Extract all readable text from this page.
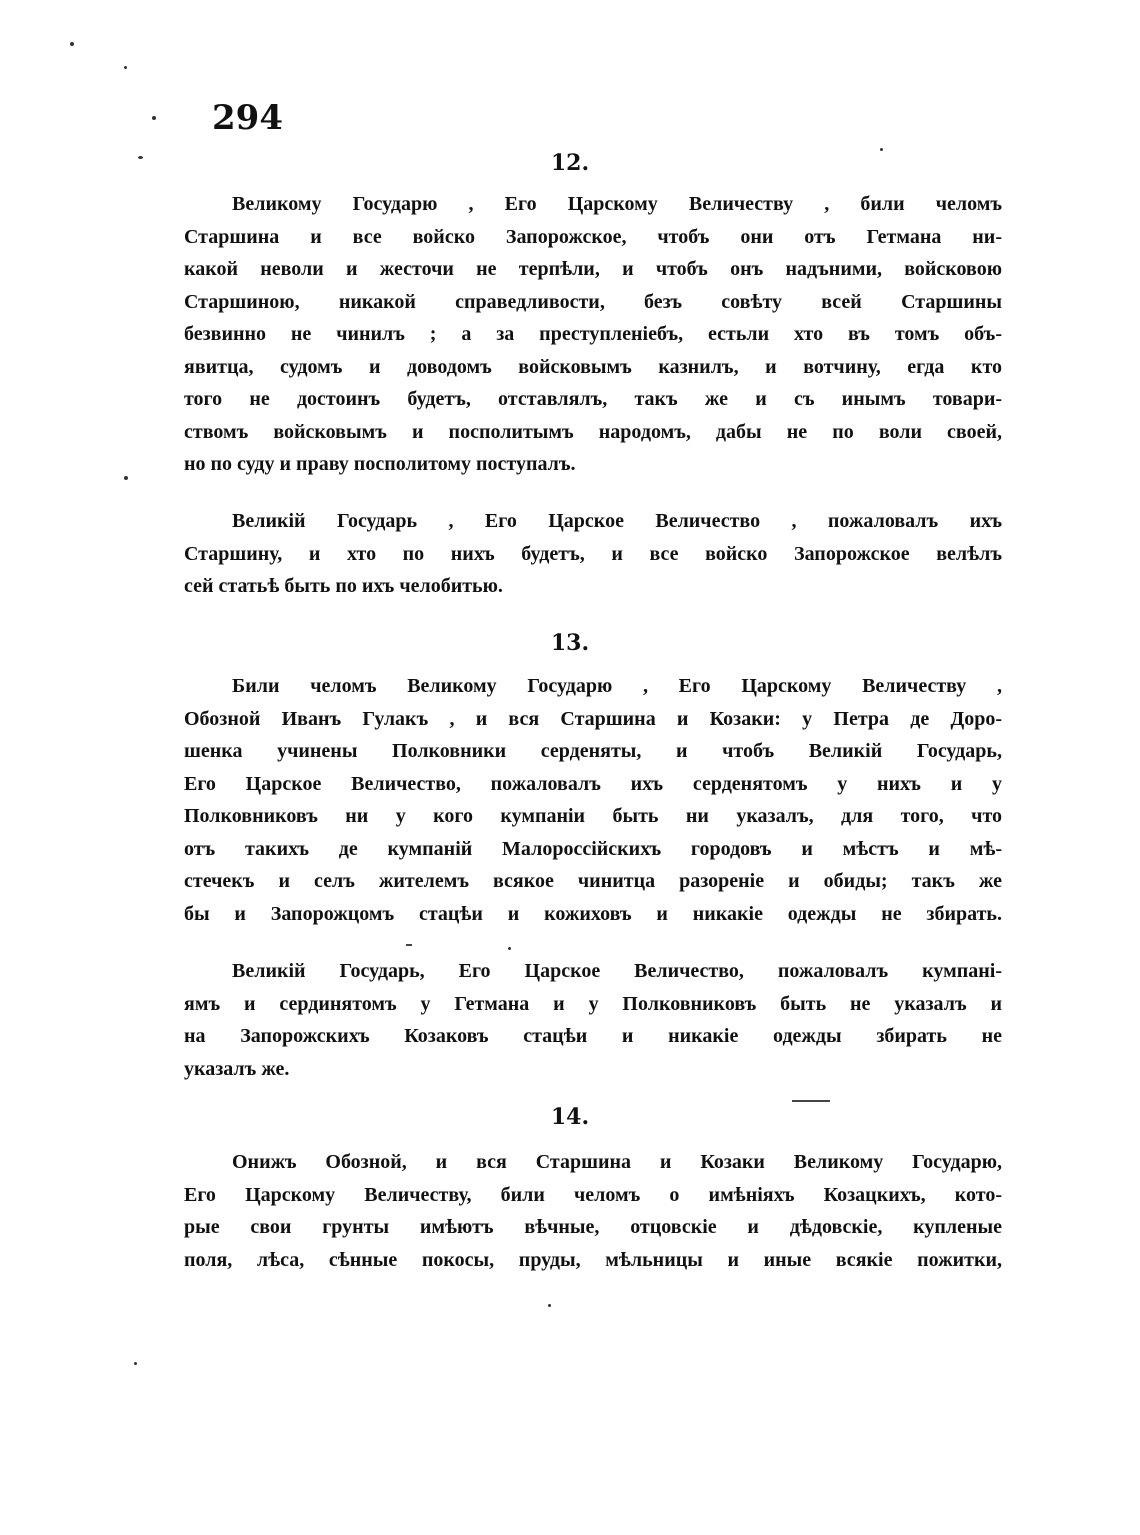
294
12.
Великому Государю , Его Царскому Величеству , били челомъ
Старшина и все войско Запорожское, чтобъ они отъ Гетмана ни-
какой неволи и жесточи не терпѣли, и чтобъ онъ надъними, войсковою
Старшиною, никакой справедливости, безъ совѣту всей Старшины
безвинно не чинилъ ; а за преступленіебъ, естьли хто въ томъ объ-
явитца, судомъ и доводомъ войсковымъ казнилъ, и вотчину, егда кто
того не достоинъ будетъ, отставлялъ, такъ же и съ инымъ товари-
ствомъ войсковымъ и посполитымъ народомъ, дабы не по воли своей,
но по суду и праву посполитому поступалъ.
Великій Государь , Его Царское Величество , пожаловалъ ихъ
Старшину, и хто по нихъ будетъ, и все войско Запорожское велѣлъ
сей статьѣ быть по ихъ челобитью.
13.
Били челомъ Великому Государю , Его Царскому Величеству ,
Обозной Иванъ Гулакъ , и вся Старшина и Козаки: у Петра де Доро-
шенка учинены Полковники серденяты, и чтобъ Великій Государь,
Его Царское Величество, пожаловалъ ихъ серденятомъ у нихъ и у
Полковниковъ ни у кого кумпаніи быть ни указалъ, для того, что
отъ такихъ де кумпаній Малороссійскихъ городовъ и мѣстъ и мѣ-
стечекъ и селъ жителемъ всякое чинитца разореніе и обиды; такъ же
бы и Запорожцомъ стацѣи и кожиховъ и никакіе одежды не збирать.
Великій Государь, Его Царское Величество, пожаловалъ кумпані-
ямъ и сердинятомъ у Гетмана и у Полковниковъ быть не указалъ и
на Запорожскихъ Козаковъ стацѣи и никакіе одежды збирать не
указалъ же.
14.
Онижъ Обозной, и вся Старшина и Козаки Великому Государю,
Его Царскому Величеству, били челомъ о имѣніяхъ Козацкихъ, кото-
рые свои грунты имѣютъ вѣчные, отцовскіе и дѣдовскіе, купленые
поля, лѣса, сѣнные покосы, пруды, мѣльницы и иные всякіе пожитки,
